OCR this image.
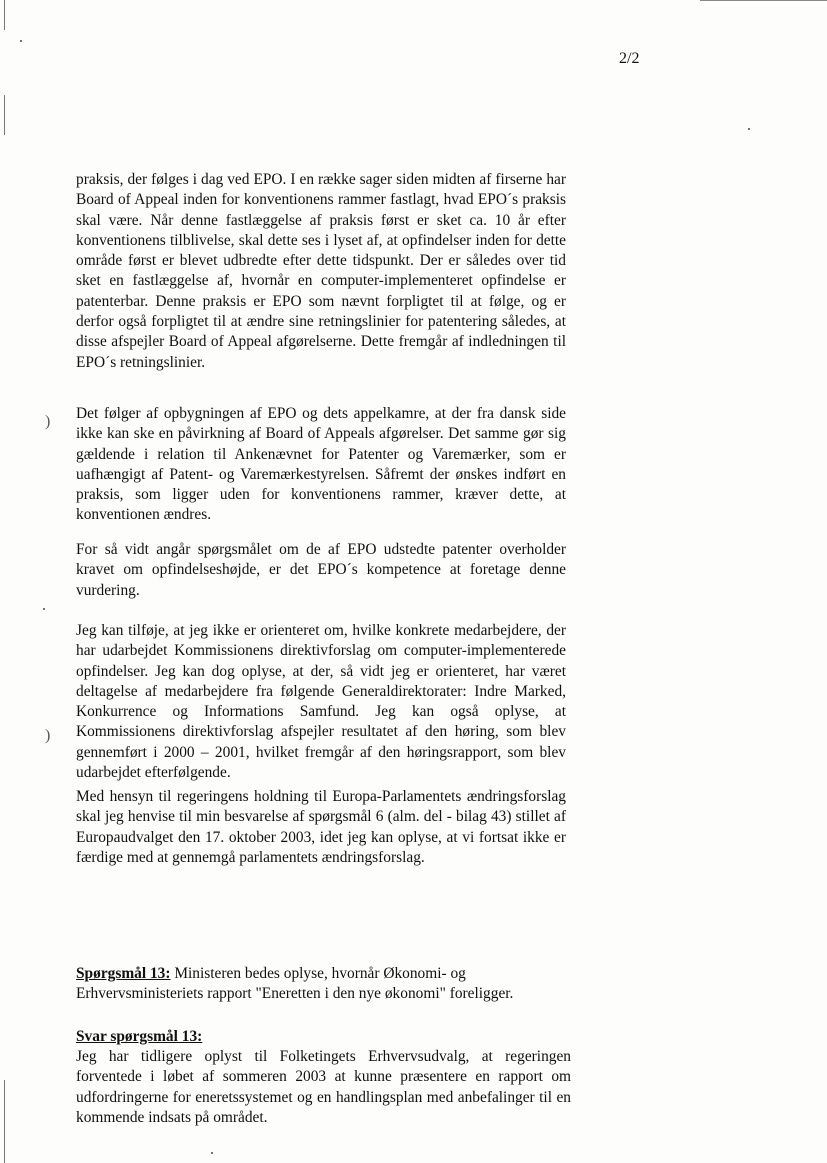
2/2
)
)

praksis, der følges i dag ved EPO. I en række sager siden midten af firserne har Board of Appeal inden for konventionens rammer fastlagt, hvad EPO´s praksis skal være. Når denne fastlæggelse af praksis først er sket ca. 10 år efter konventionens tilblivelse, skal dette ses i lyset af, at opfindelser inden for dette område først er blevet udbredte efter dette tidspunkt. Der er således over tid sket en fastlæggelse af, hvornår en computer-implementeret opfindelse er patenterbar. Denne praksis er EPO som nævnt forpligtet til at følge, og er derfor også forpligtet til at ændre sine retningslinier for patentering således, at disse afspejler Board of Appeal afgørelserne. Dette fremgår af indledningen til EPO´s retningslinier.

Det følger af opbygningen af EPO og dets appelkamre, at der fra dansk side ikke kan ske en påvirkning af Board of Appeals afgørelser. Det samme gør sig gældende i relation til Ankenævnet for Patenter og Varemærker, som er uafhængigt af Patent- og Varemærkestyrelsen. Såfremt der ønskes indført en praksis, som ligger uden for konventionens rammer, kræver dette, at konventionen ændres.

For så vidt angår spørgsmålet om de af EPO udstedte patenter overholder kravet om opfindelseshøjde, er det EPO´s kompetence at foretage denne vurdering.

Jeg kan tilføje, at jeg ikke er orienteret om, hvilke konkrete medarbejdere, der har udarbejdet Kommissionens direktivforslag om computer-implementerede opfindelser. Jeg kan dog oplyse, at der, så vidt jeg er orienteret, har været deltagelse af medarbejdere fra følgende Generaldirektorater: Indre Marked, Konkurrence og Informations Samfund. Jeg kan også oplyse, at Kommissionens direktivforslag afspejler resultatet af den høring, som blev gennemført i 2000 – 2001, hvilket fremgår af den høringsrapport, som blev udarbejdet efterfølgende.

Med hensyn til regeringens holdning til Europa-Parlamentets ændringsforslag skal jeg henvise til min besvarelse af spørgsmål 6 (alm. del - bilag 43) stillet af Europaudvalget den 17. oktober 2003, idet jeg kan oplyse, at vi fortsat ikke er færdige med at gennemgå parlamentets ændringsforslag.

Spørgsmål 13: Ministeren bedes oplyse, hvornår Økonomi- og Erhvervsministeriets rapport "Eneretten i den nye økonomi" foreligger.

Svar spørgsmål 13:

Jeg har tidligere oplyst til Folketingets Erhvervsudvalg, at regeringen forventede i løbet af sommeren 2003 at kunne præsentere en rapport om udfordringerne for eneretssystemet og en handlingsplan med anbefalinger til en kommende indsats på området.
